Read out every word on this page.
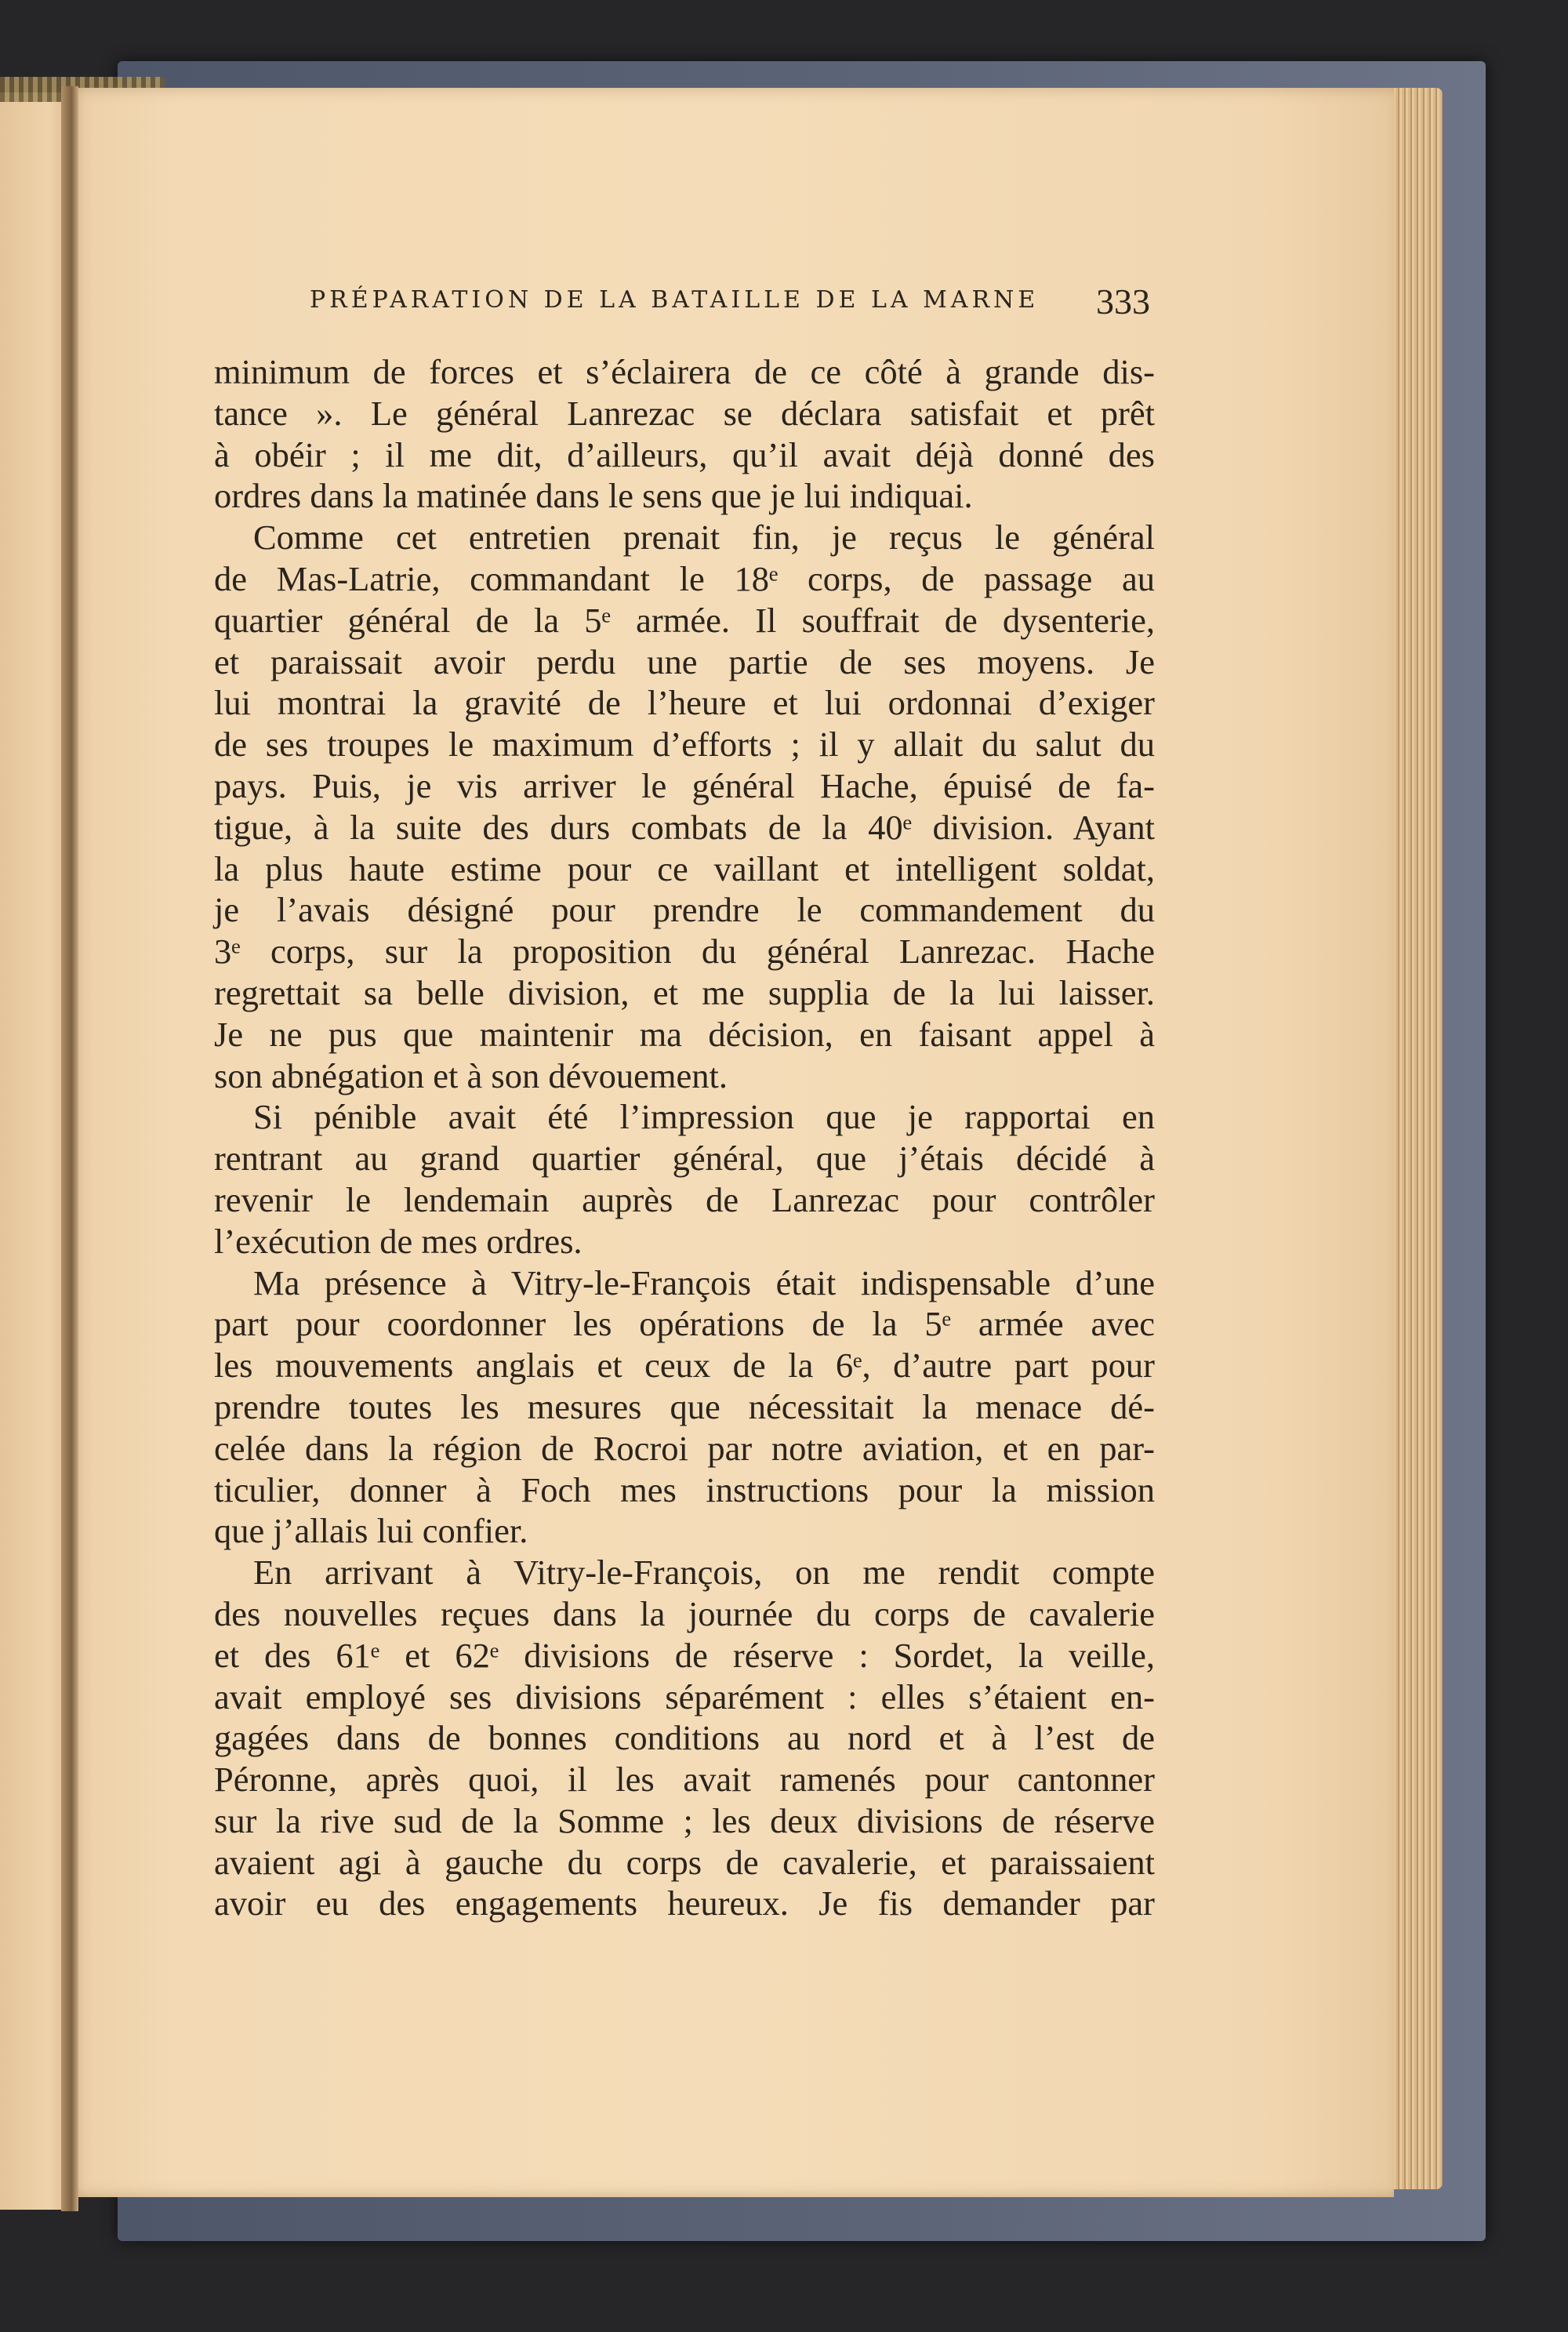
PRÉPARATION DE LA BATAILLE DE LA MARNE	333
minimum de forces et s’éclairera de ce côté à grande dis-
tance ». Le général Lanrezac se déclara satisfait et prêt
à obéir ; il me dit, d’ailleurs, qu’il avait déjà donné des
ordres dans la matinée dans le sens que je lui indiquai.
Comme cet entretien prenait fin, je reçus le général
de Mas-Latrie, commandant le 18ᵉ corps, de passage au
quartier général de la 5ᵉ armée. Il souffrait de dysenterie,
et paraissait avoir perdu une partie de ses moyens. Je
lui montrai la gravité de l’heure et lui ordonnai d’exiger
de ses troupes le maximum d’efforts ; il y allait du salut du
pays. Puis, je vis arriver le général Hache, épuisé de fa-
tigue, à la suite des durs combats de la 40ᵉ division. Ayant
la plus haute estime pour ce vaillant et intelligent soldat,
je l’avais désigné pour prendre le commandement du
3ᵉ corps, sur la proposition du général Lanrezac. Hache
regrettait sa belle division, et me supplia de la lui laisser.
Je ne pus que maintenir ma décision, en faisant appel à
son abnégation et à son dévouement.
Si pénible avait été l’impression que je rapportai en
rentrant au grand quartier général, que j’étais décidé à
revenir le lendemain auprès de Lanrezac pour contrôler
l’exécution de mes ordres.
Ma présence à Vitry-le-François était indispensable d’une
part pour coordonner les opérations de la 5ᵉ armée avec
les mouvements anglais et ceux de la 6ᵉ, d’autre part pour
prendre toutes les mesures que nécessitait la menace dé-
celée dans la région de Rocroi par notre aviation, et en par-
ticulier, donner à Foch mes instructions pour la mission
que j’allais lui confier.
En arrivant à Vitry-le-François, on me rendit compte
des nouvelles reçues dans la journée du corps de cavalerie
et des 61ᵉ et 62ᵉ divisions de réserve : Sordet, la veille,
avait employé ses divisions séparément : elles s’étaient en-
gagées dans de bonnes conditions au nord et à l’est de
Péronne, après quoi, il les avait ramenés pour cantonner
sur la rive sud de la Somme ; les deux divisions de réserve
avaient agi à gauche du corps de cavalerie, et paraissaient
avoir eu des engagements heureux. Je fis demander par
